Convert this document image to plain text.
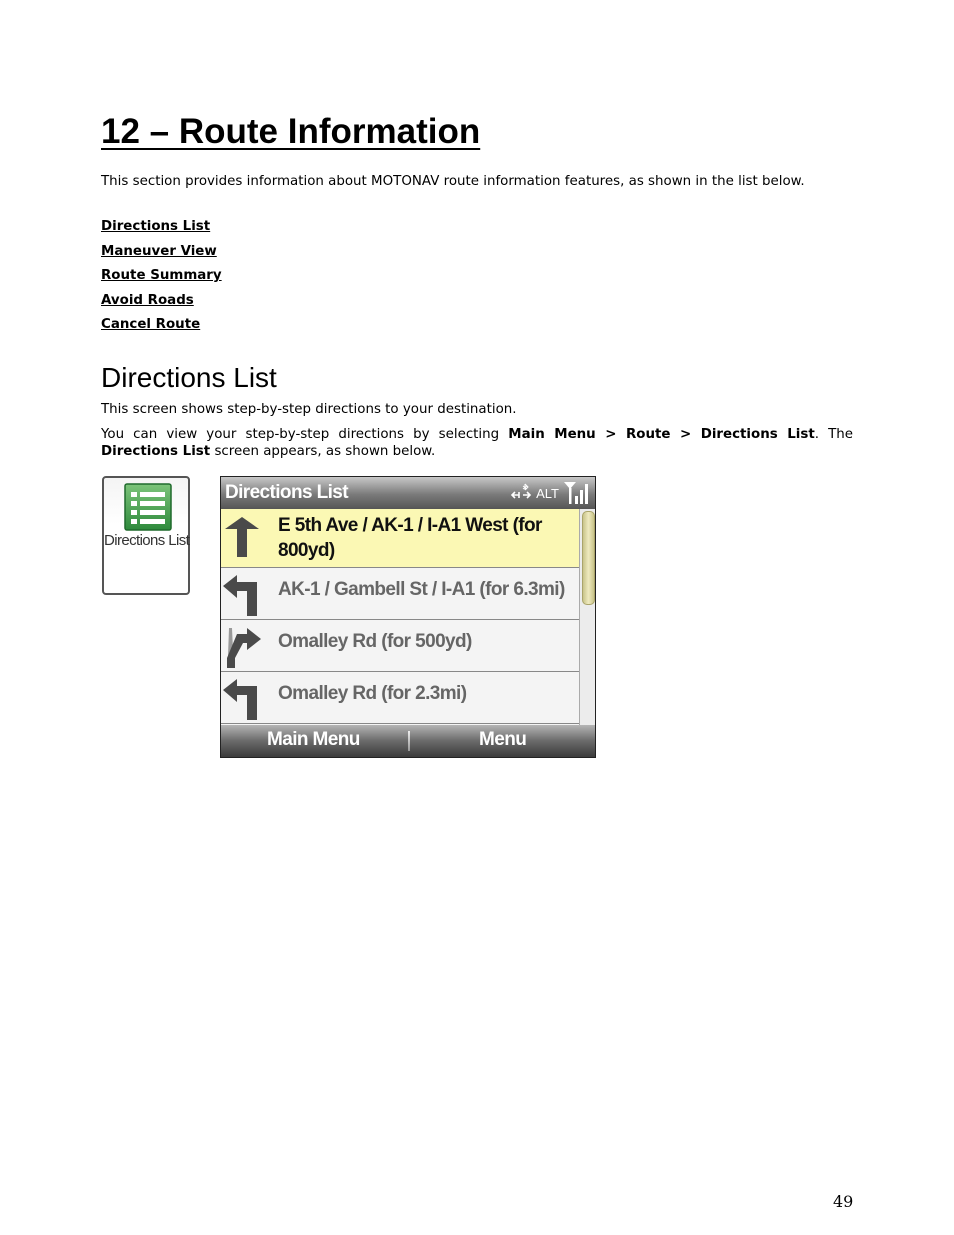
12 – Route Information
This section provides information about MOTONAV route information features, as shown in the list below.
Directions List
Maneuver View
Route Summary
Avoid Roads
Cancel Route
Directions List
This screen shows step-by-step directions to your destination.
You can view your step-by-step directions by selecting Main Menu > Route > Directions List. The Directions List screen appears, as shown below.
Directions List
Directions List	ALT
E 5th Ave / AK-1 / I-A1 West (for 800yd)
AK-1 / Gambell St / I-A1 (for 6.3mi)
Omalley Rd (for 500yd)
Omalley Rd (for 2.3mi)
Main Menu	Menu
49
